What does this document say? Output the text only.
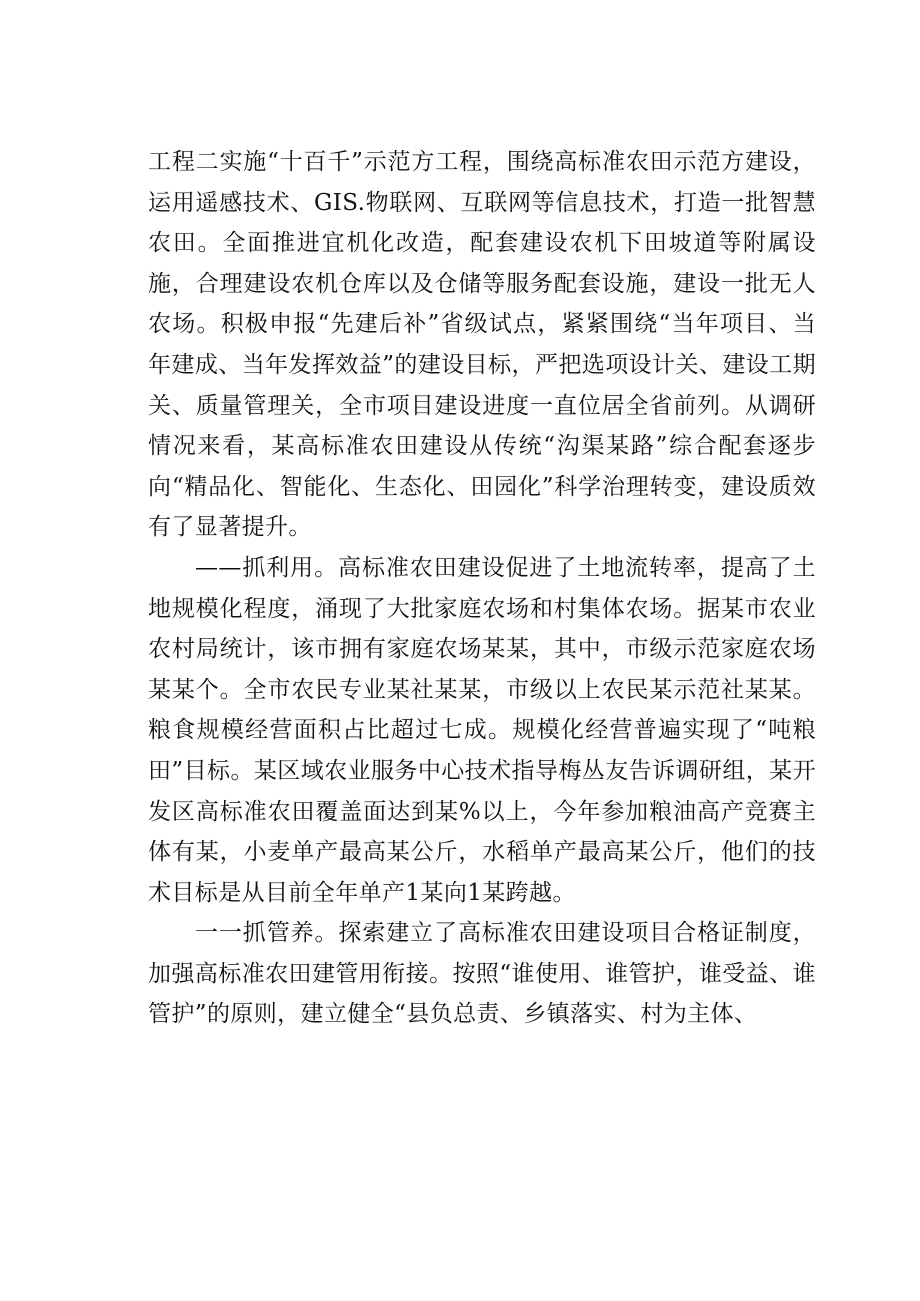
工程二实施“十百千”示范方工程，围绕高标准农田示范方建设，运用遥感技术、GIS.物联网、互联网等信息技术，打造一批智慧农田。全面推进宜机化改造，配套建设农机下田坡道等附属设施，合理建设农机仓库以及仓储等服务配套设施，建设一批无人农场。积极申报“先建后补”省级试点，紧紧围绕“当年项目、当年建成、当年发挥效益”的建设目标，严把选项设计关、建设工期关、质量管理关，全市项目建设进度一直位居全省前列。从调研情况来看，某高标准农田建设从传统“沟渠某路”综合配套逐步向“精品化、智能化、生态化、田园化”科学治理转变，建设质效有了显著提升。

——抓利用。高标准农田建设促进了土地流转率，提高了土地规模化程度，涌现了大批家庭农场和村集体农场。据某市农业农村局统计，该市拥有家庭农场某某，其中，市级示范家庭农场某某个。全市农民专业某社某某，市级以上农民某示范社某某。粮食规模经营面积占比超过七成。规模化经营普遍实现了“吨粮田”目标。某区域农业服务中心技术指导梅丛友告诉调研组，某开发区高标准农田覆盖面达到某%以上，今年参加粮油高产竞赛主体有某，小麦单产最高某公斤，水稻单产最高某公斤，他们的技术目标是从目前全年单产1某向1某跨越。

一一抓管养。探索建立了高标准农田建设项目合格证制度，加强高标准农田建管用衔接。按照“谁使用、谁管护，谁受益、谁管护”的原则，建立健全“县负总责、乡镇落实、村为主体、
